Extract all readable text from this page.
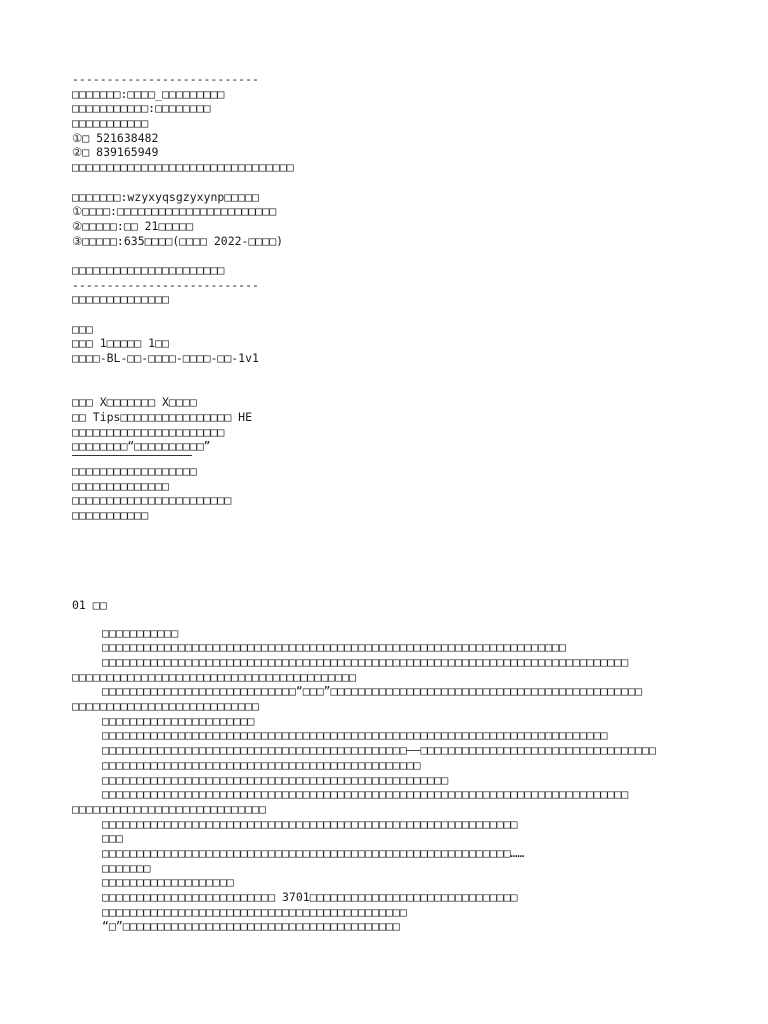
---------------------------
□□□□□□□:□□□□_□□□□□□□□□
□□□□□□□□□□□:□□□□□□□□
□□□□□□□□□□□
①□ 521638482
②□ 839165949
□□□□□□□□□□□□□□□□□□□□□□□□□□□□□□□□
□□□□□□□:wzyxyqsgzyxynp□□□□□
①□□□□:□□□□□□□□□□□□□□□□□□□□□□□
②□□□□□:□□ 21□□□□□
③□□□□□:635□□□□(□□□□ 2022-□□□□)
□□□□□□□□□□□□□□□□□□□□□□
---------------------------
□□□□□□□□□□□□□□
□□□
□□□ 1□□□□□ 1□□
□□□□-BL-□□-□□□□-□□□□-□□-1v1
□□□ X□□□□□□□ X□□□□
□□ Tips□□□□□□□□□□□□□□□□ HE
□□□□□□□□□□□□□□□□□□□□□□
□□□□□□□□“□□□□□□□□□□”
□□□□□□□□□□□□□□□□□□
□□□□□□□□□□□□□□
□□□□□□□□□□□□□□□□□□□□□□□
□□□□□□□□□□□
01 □□
□□□□□□□□□□□
□□□□□□□□□□□□□□□□□□□□□□□□□□□□□□□□□□□□□□□□□□□□□□□□□□□□□□□□□□□□□□□□□□□
□□□□□□□□□□□□□□□□□□□□□□□□□□□□□□□□□□□□□□□□□□□□□□□□□□□□□□□□□□□□□□□□□□□□□□□□□□□□
□□□□□□□□□□□□□□□□□□□□□□□□□□□□□□□□□□□□□□□□□
□□□□□□□□□□□□□□□□□□□□□□□□□□□□“□□□”□□□□□□□□□□□□□□□□□□□□□□□□□□□□□□□□□□□□□□□□□□□□□
□□□□□□□□□□□□□□□□□□□□□□□□□□□
□□□□□□□□□□□□□□□□□□□□□□
□□□□□□□□□□□□□□□□□□□□□□□□□□□□□□□□□□□□□□□□□□□□□□□□□□□□□□□□□□□□□□□□□□□□□□□□□
□□□□□□□□□□□□□□□□□□□□□□□□□□□□□□□□□□□□□□□□□□□□——□□□□□□□□□□□□□□□□□□□□□□□□□□□□□□□□□□
□□□□□□□□□□□□□□□□□□□□□□□□□□□□□□□□□□□□□□□□□□□□□□
□□□□□□□□□□□□□□□□□□□□□□□□□□□□□□□□□□□□□□□□□□□□□□□□□□
□□□□□□□□□□□□□□□□□□□□□□□□□□□□□□□□□□□□□□□□□□□□□□□□□□□□□□□□□□□□□□□□□□□□□□□□□□□□
□□□□□□□□□□□□□□□□□□□□□□□□□□□□
□□□□□□□□□□□□□□□□□□□□□□□□□□□□□□□□□□□□□□□□□□□□□□□□□□□□□□□□□□□□
□□□
□□□□□□□□□□□□□□□□□□□□□□□□□□□□□□□□□□□□□□□□□□□□□□□□□□□□□□□□□□□……
□□□□□□□
□□□□□□□□□□□□□□□□□□□
□□□□□□□□□□□□□□□□□□□□□□□□□ 3701□□□□□□□□□□□□□□□□□□□□□□□□□□□□□□
□□□□□□□□□□□□□□□□□□□□□□□□□□□□□□□□□□□□□□□□□□□□
“□”□□□□□□□□□□□□□□□□□□□□□□□□□□□□□□□□□□□□□□□□
